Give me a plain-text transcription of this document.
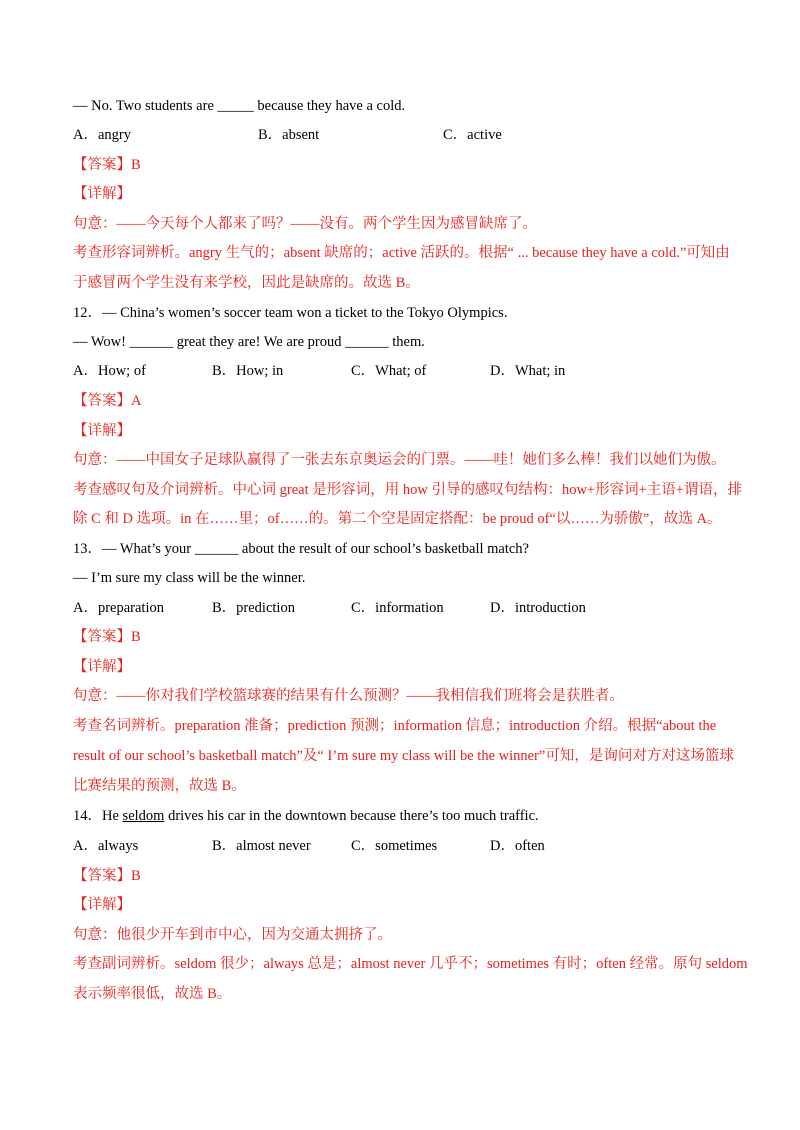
— No. Two students are _____ because they have a cold.
A．angry	B．absent	C．active
【答案】B
【详解】
句意：——今天每个人都来了吗？——没有。两个学生因为感冒缺席了。
考查形容词辨析。angry 生气的；absent 缺席的；active 活跃的。根据“ ... because they have a cold.”可知由
于感冒两个学生没有来学校，因此是缺席的。故选 B。
12．— China’s women’s soccer team won a ticket to the Tokyo Olympics.
— Wow! ______ great they are! We are proud ______ them.
A．How; of	B．How; in	C．What; of	D．What; in
【答案】A
【详解】
句意：——中国女子足球队赢得了一张去东京奥运会的门票。——哇！她们多么棒！我们以她们为傲。
考查感叹句及介词辨析。中心词 great 是形容词，用 how 引导的感叹句结构：how+形容词+主语+谓语，排
除 C 和 D 选项。in 在……里；of……的。第二个空是固定搭配：be proud of“以……为骄傲”，故选 A。
13．— What’s your ______ about the result of our school’s basketball match?
— I’m sure my class will be the winner.
A．preparation	B．prediction	C．information	D．introduction
【答案】B
【详解】
句意：——你对我们学校篮球赛的结果有什么预测？——我相信我们班将会是获胜者。
考查名词辨析。preparation 准备；prediction 预测；information 信息；introduction 介绍。根据“about the
result of our school’s basketball match”及“ I’m sure my class will be the winner”可知，是询问对方对这场篮球
比赛结果的预测，故选 B。
14．He seldom drives his car in the downtown because there’s too much traffic.
A．always	B．almost never	C．sometimes	D．often
【答案】B
【详解】
句意：他很少开车到市中心，因为交通太拥挤了。
考查副词辨析。seldom 很少；always 总是；almost never 几乎不；sometimes 有时；often 经常。原句 seldom
表示频率很低，故选 B。
